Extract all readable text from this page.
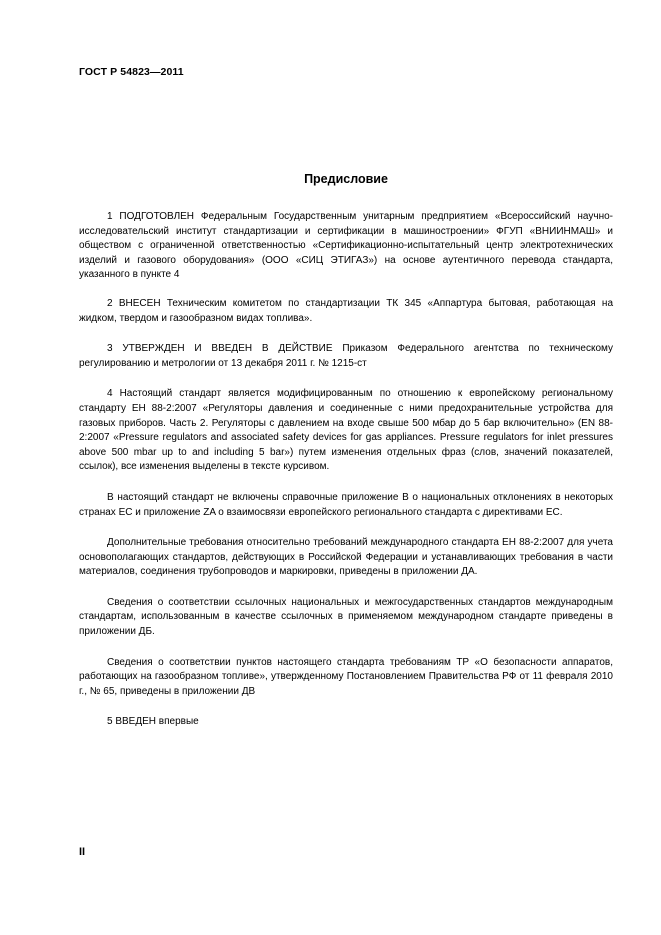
ГОСТ Р 54823—2011
Предисловие

1 ПОДГОТОВЛЕН Федеральным Государственным унитарным предприятием «Всероссийский научно-исследовательский институт стандартизации и сертификации в машиностроении» ФГУП «ВНИИНМАШ» и обществом с ограниченной ответственностью «Сертификационно-испытательный центр электротехнических изделий и газового оборудования» (ООО «СИЦ ЭТИГАЗ») на основе аутентичного перевода стандарта, указанного в пункте 4

2 ВНЕСЕН Техническим комитетом по стандартизации ТК 345 «Аппартура бытовая, работающая на жидком, твердом и газообразном видах топлива».

3 УТВЕРЖДЕН И ВВЕДЕН В ДЕЙСТВИЕ Приказом Федерального агентства по техническому регулированию и метрологии от 13 декабря 2011 г. № 1215-ст

4 Настоящий стандарт является модифицированным по отношению к европейскому региональному стандарту ЕН 88-2:2007 «Регуляторы давления и соединенные с ними предохранительные устройства для газовых приборов. Часть 2. Регуляторы с давлением на входе свыше 500 мбар до 5 бар включительно» (EN 88-2:2007 «Pressure regulators and associated safety devices for gas appliances. Pressure regulators for inlet pressures above 500 mbar up to and including 5 bar») путем изменения отдельных фраз (слов, значений показателей, ссылок), все изменения выделены в тексте курсивом.

В настоящий стандарт не включены справочные приложение В о национальных отклонениях в некоторых странах ЕС и приложение ZA о взаимосвязи европейского регионального стандарта с директивами ЕС.

Дополнительные требования относительно требований международного стандарта ЕН 88-2:2007 для учета основополагающих стандартов, действующих в Российской Федерации и устанавливающих требования в части материалов, соединения трубопроводов и маркировки, приведены в приложении ДА.

Сведения о соответствии ссылочных национальных и межгосударственных стандартов международным стандартам, использованным в качестве ссылочных в применяемом международном стандарте приведены в приложении ДБ.

Сведения о соответствии пунктов настоящего стандарта требованиям ТР «О безопасности аппаратов, работающих на газообразном топливе», утвержденному Постановлением Правительства РФ от 11 февраля 2010 г., № 65, приведены в приложении ДВ

5 ВВЕДЕН впервые

II
